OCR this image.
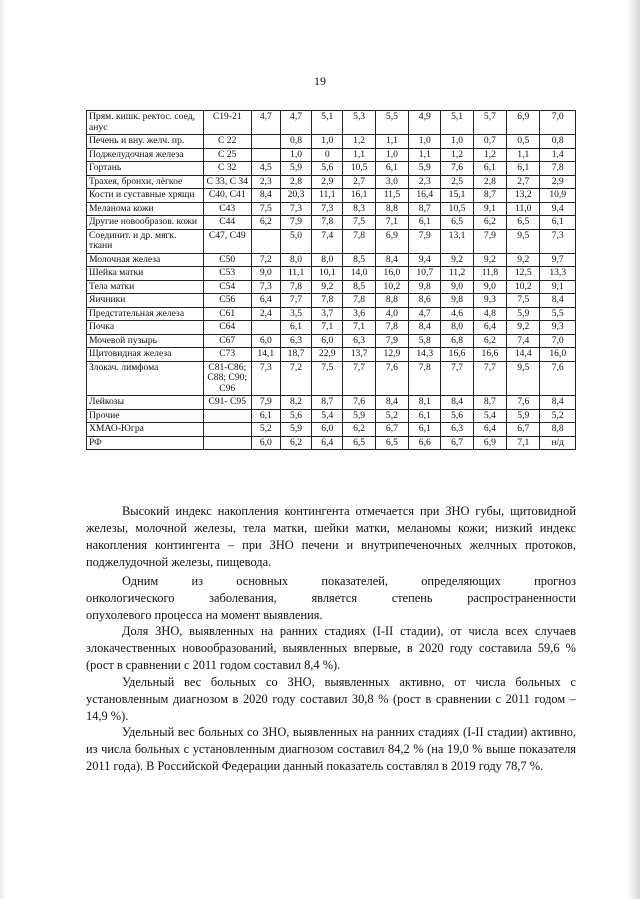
19
Прям. кишк. ректос. соед, анус	C19-21	4,7	4,7	5,1	5,3	5,5	4,9	5,1	5,7	6,9	7,0
Печень и вну. желч. пр.	С 22		0,8	1,0	1,2	1,1	1,0	1,0	0,7	0,5	0,8
Поджелудочная железа	С 25		1,0	0	1,1	1,0	1,1	1,2	1,2	1,1	1,4
Гортань	С 32	4,5	5,9	5,6	10,5	6,1	5,9	7,6	6,1	6,1	7,8
Трахея, бронхи, лёгкое	С 33, С 34	2,3	2,8	2,9	2,7	3,0	2,3	2,5	2,8	2,7	2,9
Кости и суставные хрящи	C40, C41	8,4	20,3	11,1	16,1	11,5	16,4	15,1	8,7	13,2	10,9
Меланома кожи	C43	7,5	7,3	7,3	8,3	8,8	8,7	10,5	9,1	11,0	9,4
Другие новообразов. кожи	C44	6,2	7,9	7,8	7,5	7,1	6,1	6,5	6,2	6,5	6,1
Соединит. и др. мягк. ткани	C47, C49		5,0	7,4	7,8	6,9	7,9	13,1	7,9	9,5	7,3
Молочная железа	C50	7,2	8,0	8,0	8,5	8,4	9,4	9,2	9,2	9,2	9,7
Шейка матки	C53	9,0	11,1	10,1	14,0	16,0	10,7	11,2	11,8	12,5	13,3
Тела матки	C54	7,3	7,8	9,2	8,5	10,2	9,8	9,0	9,0	10,2	9,1
Яичники	C56	6,4	7,7	7,8	7,8	8,8	8,6	9,8	9,3	7,5	8,4
Предстательная железа	C61	2,4	3,5	3,7	3,6	4,0	4,7	4,6	4,8	5,9	5,5
Почка	C64		6,1	7,1	7,1	7,8	8,4	8,0	6,4	9,2	9,3
Мочевой пузырь	C67	6,0	6,3	6,0	6,3	7,9	5,8	6,8	6,2	7,4	7,0
Щитовидная железа	C73	14,1	18,7	22,9	13,7	12,9	14,3	16,6	16,6	14,4	16,0
Злокач. лимфома	C81-C86; C88; C90; C96	7,3	7,2	7,5	7,7	7,6	7,8	7,7	7,7	9,5	7,6
Лейкозы	C91- C95	7,9	8,2	8,7	7,6	8,4	8,1	8,4	8,7	7,6	8,4
Прочие		6,1	5,6	5,4	5,9	5,2	6,1	5,6	5,4	5,9	5,2
ХМАО-Югра		5,2	5,9	6,0	6,2	6,7	6,1	6,3	6,4	6,7	8,8
РФ		6,0	6,2	6,4	6,5	6,5	6,6	6,7	6,9	7,1	н/д
Высокий индекс накопления контингента отмечается при ЗНО губы, щитовидной железы, молочной железы, тела матки, шейки матки, меланомы кожи; низкий индекс накопления контингента – при ЗНО печени и внутрипеченочных желчных протоков, поджелудочной железы, пищевода.
Одним	из	основных	показателей,	определяющих	прогноз
онкологического	заболевания,	является	степень	распространенности
опухолевого процесса на момент выявления.
Доля ЗНО, выявленных на ранних стадиях (I-II стадии), от числа всех случаев злокачественных новообразований, выявленных впервые, в 2020 году составила 59,6 % (рост в сравнении с 2011 годом составил 8,4 %).
Удельный вес больных со ЗНО, выявленных активно, от числа больных с установленным диагнозом в 2020 году составил 30,8 % (рост в сравнении с 2011 годом – 14,9 %).
Удельный вес больных со ЗНО, выявленных на ранних стадиях (I-II стадии) активно, из числа больных с установленным диагнозом составил 84,2 % (на 19,0 % выше показателя 2011 года). В Российской Федерации данный показатель составлял в 2019 году 78,7 %.
